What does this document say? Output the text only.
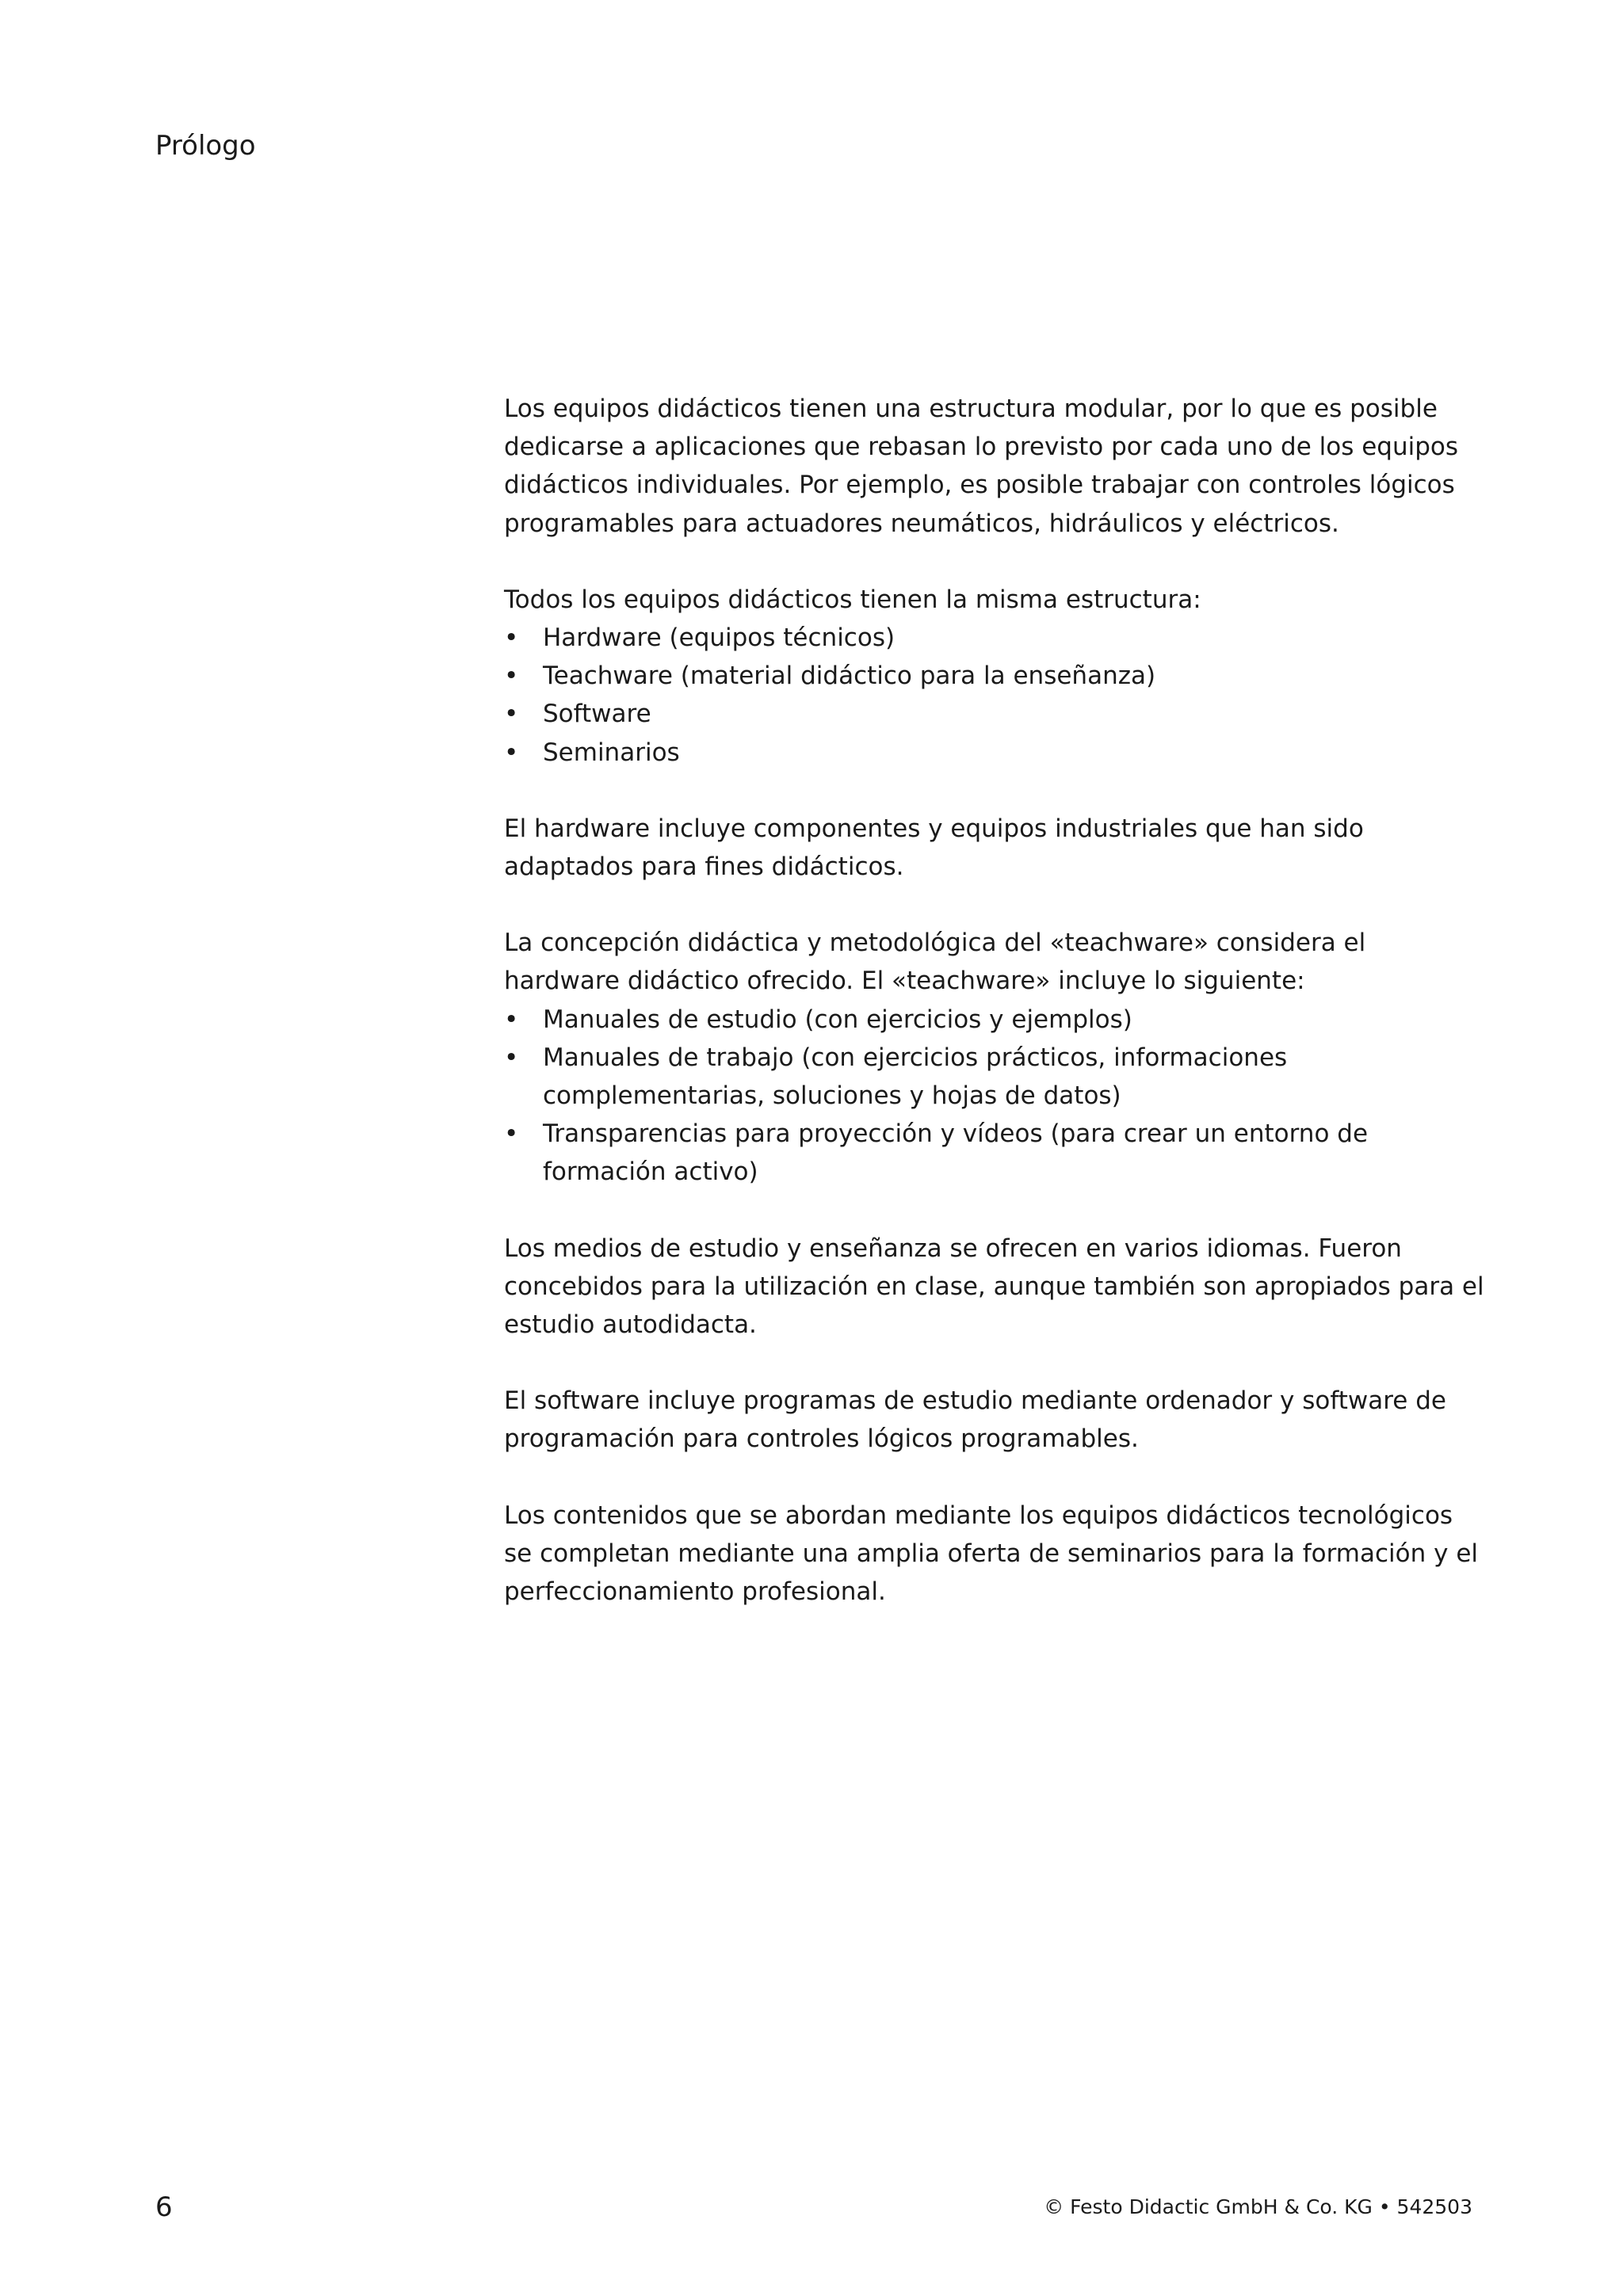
Prólogo

Los equipos didácticos tienen una estructura modular, por lo que es posible dedicarse a aplicaciones que rebasan lo previsto por cada uno de los equipos didácticos individuales. Por ejemplo, es posible trabajar con controles lógicos programables para actuadores neumáticos, hidráulicos y eléctricos.

Todos los equipos didácticos tienen la misma estructura:

• Hardware (equipos técnicos)
• Teachware (material didáctico para la enseñanza)
• Software
• Seminarios

El hardware incluye componentes y equipos industriales que han sido adaptados para fines didácticos.

La concepción didáctica y metodológica del «teachware» considera el hardware didáctico ofrecido. El «teachware» incluye lo siguiente:

• Manuales de estudio (con ejercicios y ejemplos)
• Manuales de trabajo (con ejercicios prácticos, informaciones complementarias, soluciones y hojas de datos)
• Transparencias para proyección y vídeos (para crear un entorno de formación activo)

Los medios de estudio y enseñanza se ofrecen en varios idiomas. Fueron concebidos para la utilización en clase, aunque también son apropiados para el estudio autodidacta.

El software incluye programas de estudio mediante ordenador y software de programación para controles lógicos programables.

Los contenidos que se abordan mediante los equipos didácticos tecnológicos se completan mediante una amplia oferta de seminarios para la formación y el perfeccionamiento profesional.

6	© Festo Didactic GmbH & Co. KG • 542503
